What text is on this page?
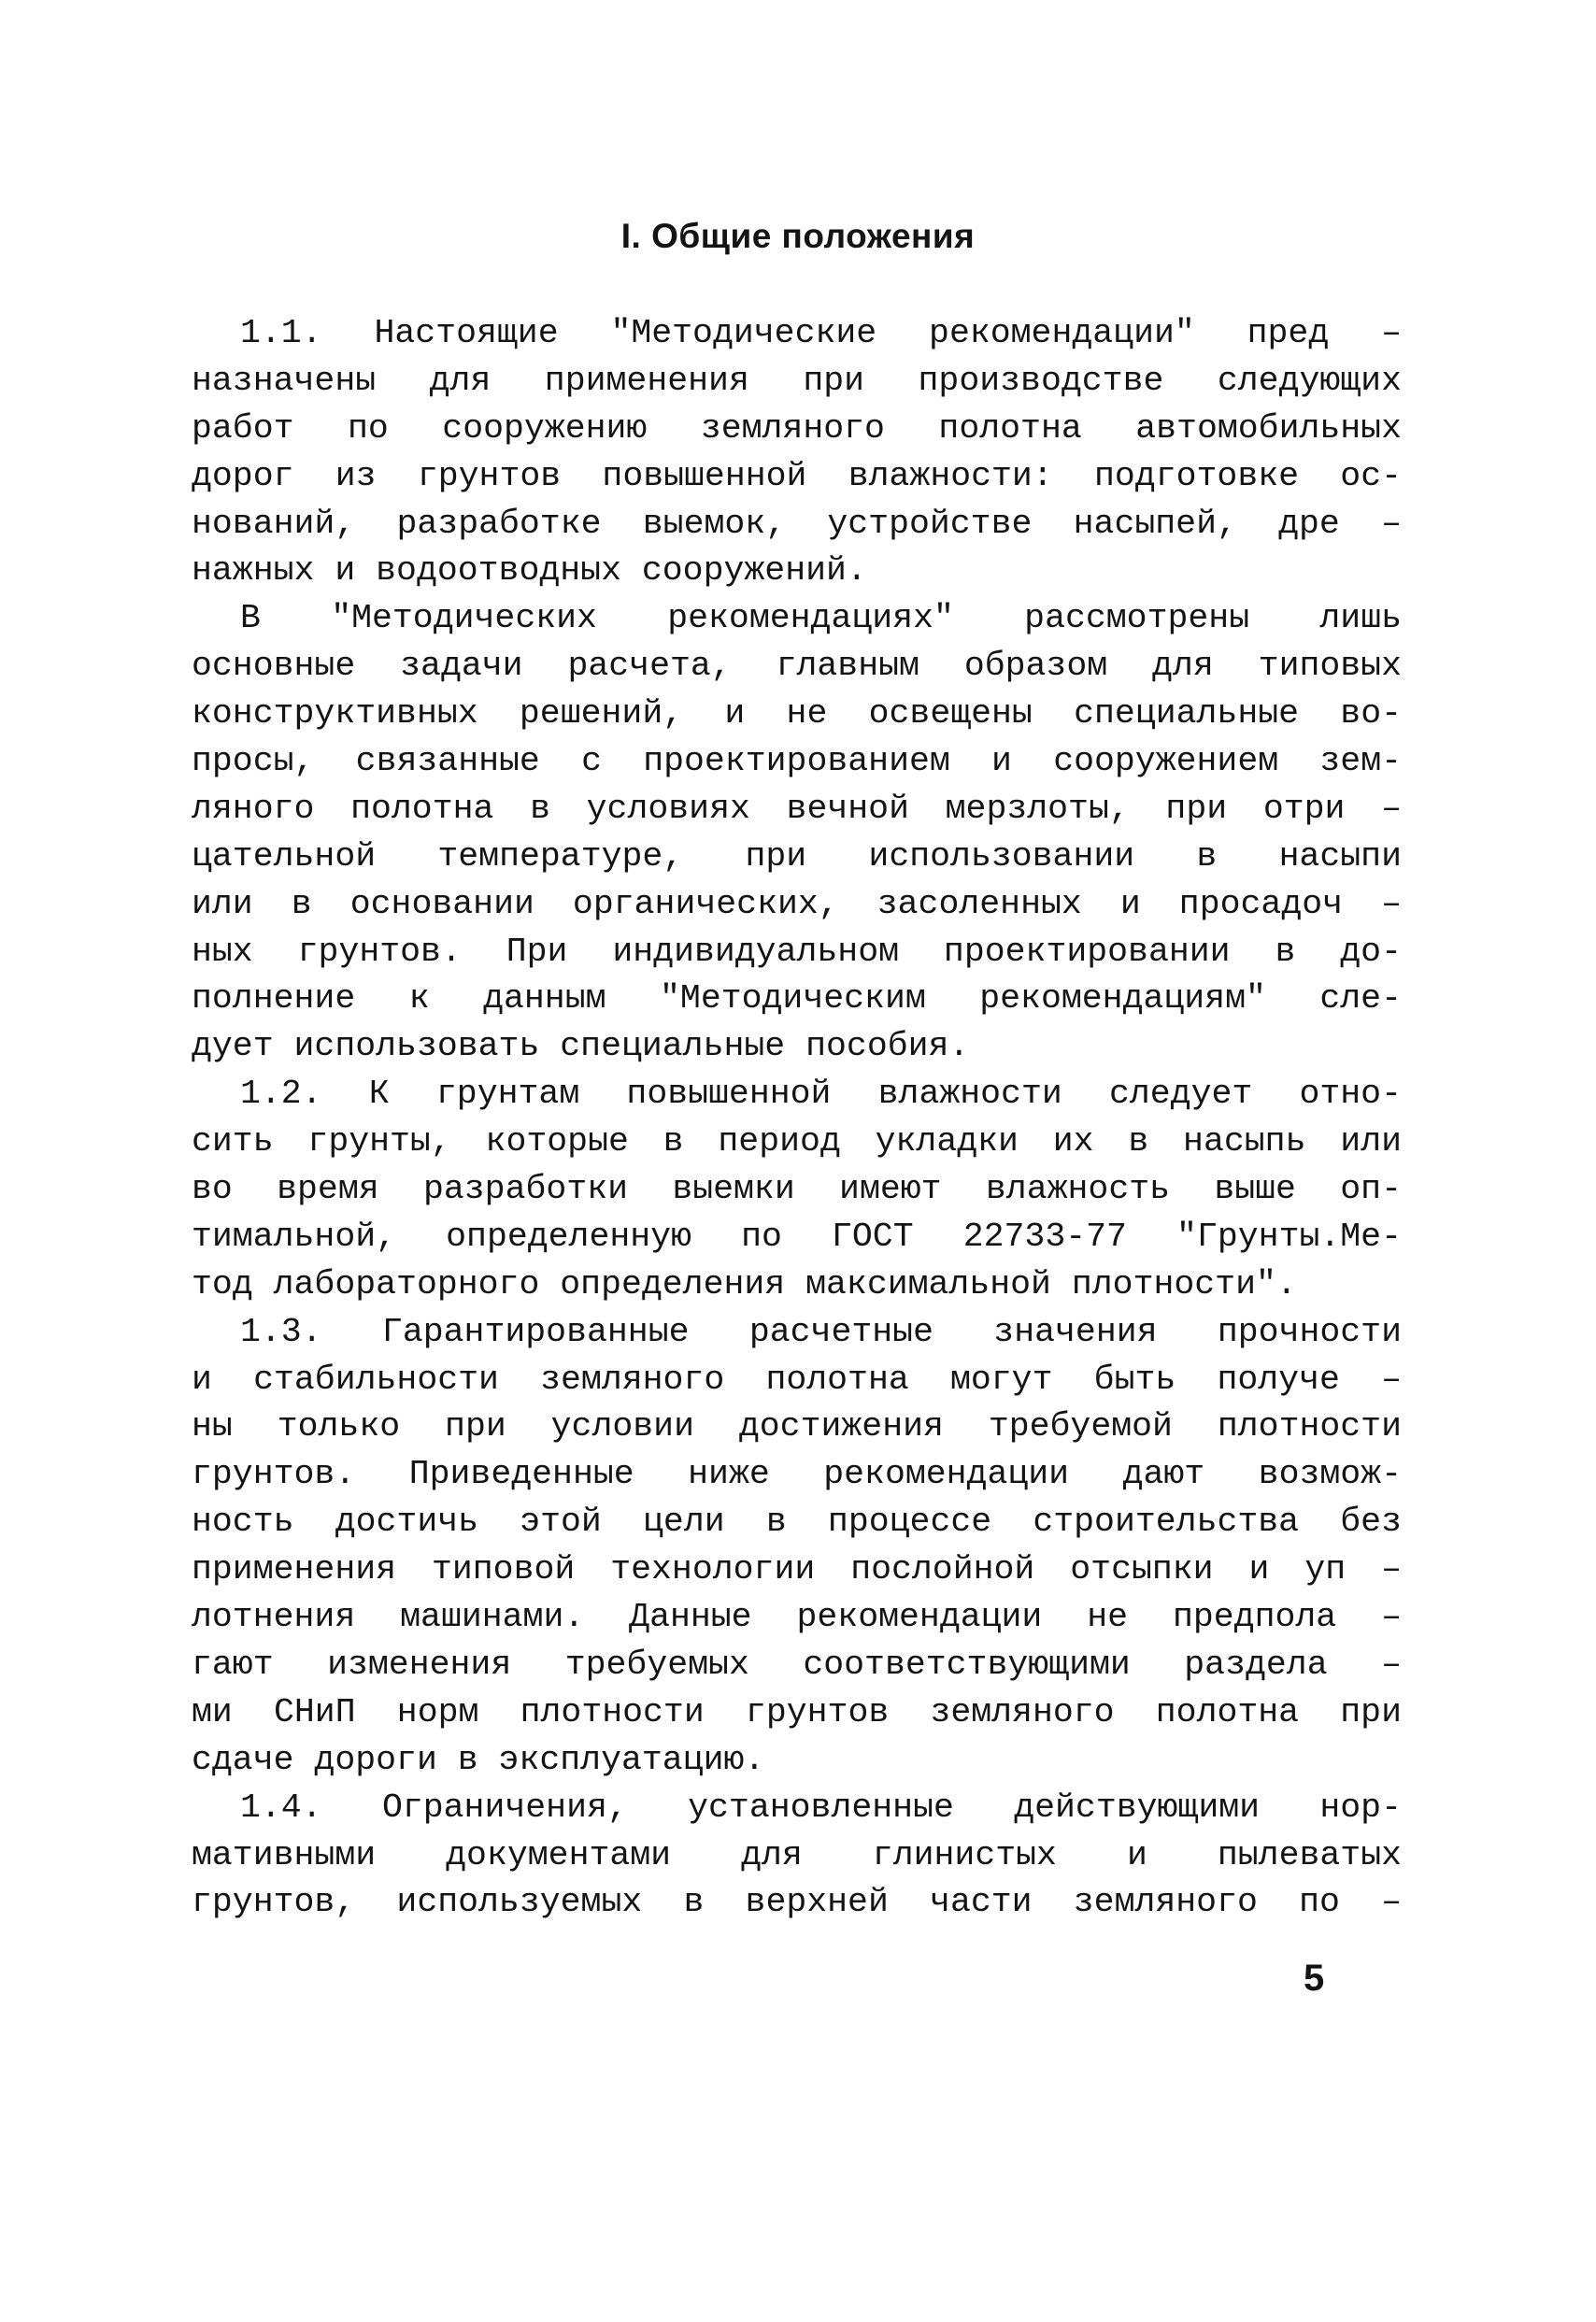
І. Общие положения
1.1. Настоящие "Методические рекомендации" пред –
назначены для применения при производстве следующих
работ по сооружению земляного полотна автомобильных
дорог из грунтов повышенной влажности: подготовке ос-
нований, разработке выемок, устройстве насыпей, дре –
нажных и водоотводных сооружений.
В "Методических рекомендациях" рассмотрены лишь
основные задачи расчета, главным образом для типовых
конструктивных решений, и не освещены специальные во-
просы, связанные с проектированием и сооружением зем-
ляного полотна в условиях вечной мерзлоты, при отри –
цательной температуре, при использовании в насыпи
или в основании органических, засоленных и просадоч –
ных грунтов. При индивидуальном проектировании в до-
полнение к данным "Методическим рекомендациям" сле-
дует использовать специальные пособия.
1.2. К грунтам повышенной влажности следует отно-
сить грунты, которые в период укладки их в насыпь или
во время разработки выемки имеют влажность выше оп-
тимальной, определенную по ГОСТ 22733-77 "Грунты.Ме-
тод лабораторного определения максимальной плотности".
1.3. Гарантированные расчетные значения прочности
и стабильности земляного полотна могут быть получе –
ны только при условии достижения требуемой плотности
грунтов. Приведенные ниже рекомендации дают возмож-
ность достичь этой цели в процессе строительства без
применения типовой технологии послойной отсыпки и уп –
лотнения машинами. Данные рекомендации не предпола –
гают изменения требуемых соответствующими раздела –
ми СНиП норм плотности грунтов земляного полотна при
сдаче дороги в эксплуатацию.
1.4. Ограничения, установленные действующими нор-
мативными документами для глинистых и пылеватых
грунтов, используемых в верхней части земляного по –

5
